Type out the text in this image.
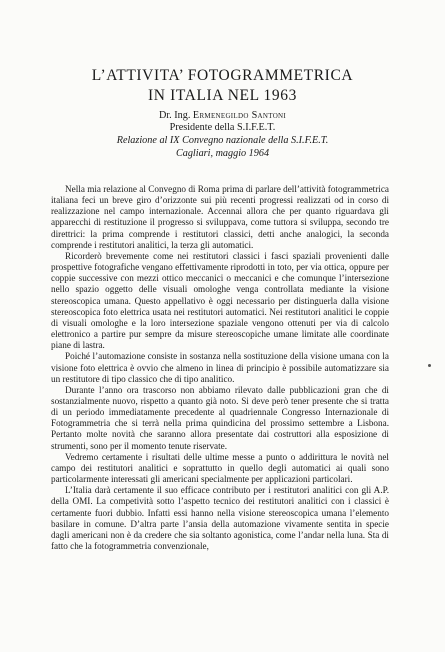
L’ATTIVITA’ FOTOGRAMMETRICA
IN ITALIA NEL 1963
Dr. Ing. Ermenegildo Santoni
Presidente della S.I.F.E.T.
Relazione al IX Convegno nazionale della S.I.F.E.T.
Cagliari, maggio 1964

Nella mia relazione al Convegno di Roma prima di parlare dell’attività fotogrammetrica italiana feci un breve giro d’orizzonte sui più recenti progressi realizzati od in corso di realizzazione nel campo internazionale. Accennai allora che per quanto riguardava gli apparecchi di restituzione il progresso si sviluppava, come tuttora si sviluppa, secondo tre direttrici: la prima comprende i restitutori classici, detti anche analogici, la seconda comprende i restitutori analitici, la terza gli automatici.

Ricorderò brevemente come nei restitutori classici i fasci spaziali provenienti dalle prospettive fotografiche vengano effettivamente riprodotti in toto, per via ottica, oppure per coppie successive con mezzi ottico meccanici o meccanici e che comunque l’intersezione nello spazio oggetto delle visuali omologhe venga controllata mediante la visione stereoscopica umana. Questo appellativo è oggi necessario per distinguerla dalla visione stereoscopica foto elettrica usata nei restitutori automatici. Nei restitutori analitici le coppie di visuali omologhe e la loro intersezione spaziale vengono ottenuti per via di calcolo elettronico a partire pur sempre da misure stereoscopiche umane limitate alle coordinate piane di lastra.

Poiché l’automazione consiste in sostanza nella sostituzione della visione umana con la visione foto elettrica è ovvio che almeno in linea di principio è possibile automatizzare sia un restitutore di tipo classico che di tipo analitico.

Durante l’anno ora trascorso non abbiamo rilevato dalle pubblicazioni gran che di sostanzialmente nuovo, rispetto a quanto già noto. Si deve però tener presente che si tratta di un periodo immediatamente precedente al quadriennale Congresso Internazionale di Fotogrammetria che si terrà nella prima quindicina del prossimo settembre a Lisbona. Pertanto molte novità che saranno allora presentate dai costruttori alla esposizione di strumenti, sono per il momento tenute riservate.

Vedremo certamente i risultati delle ultime messe a punto o addirittura le novità nel campo dei restitutori analitici e soprattutto in quello degli automatici ai quali sono particolarmente interessati gli americani specialmente per applicazioni particolari.

L’Italia darà certamente il suo efficace contributo per i restitutori analitici con gli A.P. della OMI. La competività sotto l’aspetto tecnico dei restitutori analitici con i classici è certamente fuori dubbio. Infatti essi hanno nella visione stereoscopica umana l’elemento basilare in comune. D’altra parte l’ansia della automazione vivamente sentita in specie dagli americani non è da credere che sia soltanto agonistica, come l’andar nella luna. Sta di fatto che la fotogrammetria convenzionale,
